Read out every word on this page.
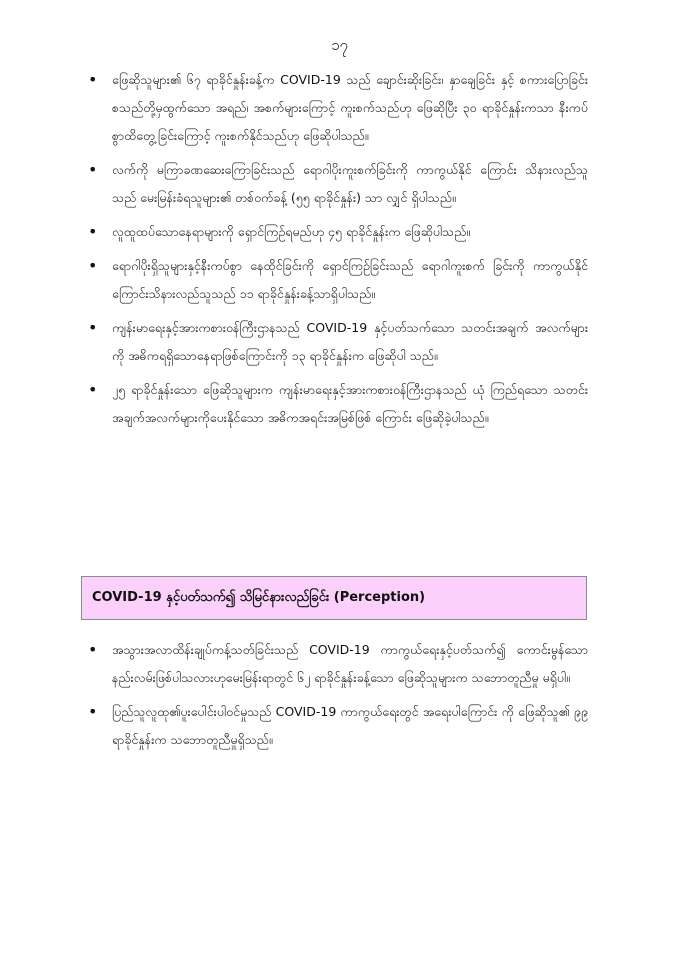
၁၇
• ဖြေဆိုသူများ၏ ၆၇ ရာခိုင်နှုန်းခန့်က COVID-19 သည် ချောင်းဆိုးခြင်း၊ နှာချေခြင်း နှင့် စကားပြောခြင်းစသည်တို့မှထွက်သော အရည်၊ အစက်များကြောင့် ကူးစက်သည်ဟု ဖြေဆိုပြီး ၃၀ ရာခိုင်နှုန်းကသာ နီးကပ်စွာထိတွေ့ခြင်းကြောင့် ကူးစက်နိုင်သည်ဟု ဖြေဆိုပါသည်။
• လက်ကို မကြာခဏဆေးကြောခြင်းသည် ရောဂါပိုးကူးစက်ခြင်းကို ကာကွယ်နိုင် ကြောင်း သိနားလည်သူသည် မေးမြန်းခံရသူများ၏ တစ်ဝက်ခန့် (၅၅ ရာခိုင်နှုန်း) သာ လျှင် ရှိပါသည်။
• လူထူထပ်သောနေရာများကို ရှောင်ကြဉ်ရမည်ဟု ၄၅ ရာခိုင်နှုန်းက ဖြေဆိုပါသည်။
• ရောဂါပိုးရှိသူများနှင့်နီးကပ်စွာ နေထိုင်ခြင်းကို ရှောင်ကြဉ်ခြင်းသည် ရောဂါကူးစက် ခြင်းကို ကာကွယ်နိုင်ကြောင်းသိနားလည်သူသည် ၁၁ ရာခိုင်နှုန်းခန့်သာရှိပါသည်။
• ကျန်းမာရေးနှင့်အားကစားဝန်ကြီးဌာနသည် COVID-19 နှင့်ပတ်သက်သော သတင်းအချက် အလက်များကို အဓိကရရှိသောနေရာဖြစ်ကြောင်းကို ၁၃ ရာခိုင်နှုန်းက ဖြေဆိုပါ သည်။
• ၂၅ ရာခိုင်နှုန်းသော ဖြေဆိုသူများက ကျန်းမာရေးနှင့်အားကစားဝန်ကြီးဌာနသည် ယုံ ကြည်ရသော သတင်းအချက်အလက်များကိုပေးနိုင်သော အဓိကအရင်းအမြစ်ဖြစ် ကြောင်း ဖြေဆိုခဲ့ပါသည်။
COVID-19 နှင့်ပတ်သက်၍ သိမြင်နားလည်ခြင်း (Perception)
• အသွားအလာထိန်းချုပ်ကန့်သတ်ခြင်းသည် COVID-19 ကာကွယ်ရေးနှင့်ပတ်သက်၍ ကောင်းမွန်သော နည်းလမ်းဖြစ်ပါသလားဟုမေးမြန်းရာတွင် ၆၂ ရာခိုင်နှုန်းခန့်သော ဖြေဆိုသူများက သဘောတူညီမှု မရှိပါ။
• ပြည်သူလူထု၏ပူးပေါင်းပါဝင်မှုသည် COVID-19 ကာကွယ်ရေးတွင် အရေးပါကြောင်း ကို ဖြေဆိုသူ၏ ၉၉ ရာခိုင်နှုန်းက သဘောတူညီမှုရှိသည်။
